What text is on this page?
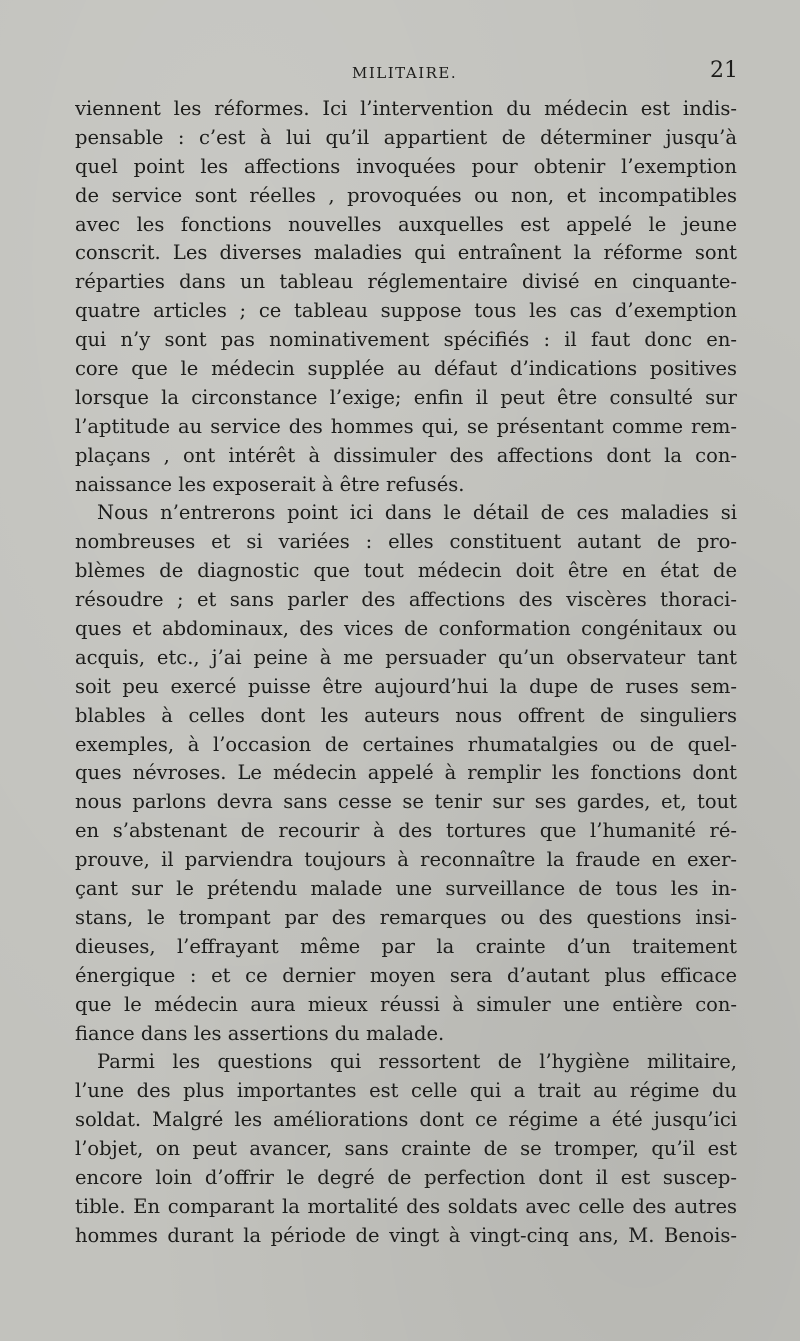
MILITAIRE.	21
viennent les réformes. Ici l’intervention du médecin est indis-
pensable : c’est à lui qu’il appartient de déterminer jusqu’à
quel point les affections invoquées pour obtenir l’exemption
de service sont réelles , provoquées ou non, et incompatibles
avec les fonctions nouvelles auxquelles est appelé le jeune
conscrit. Les diverses maladies qui entraînent la réforme sont
réparties dans un tableau réglementaire divisé en cinquante-
quatre articles ; ce tableau suppose tous les cas d’exemption
qui n’y sont pas nominativement spécifiés : il faut donc en-
core que le médecin supplée au défaut d’indications positives
lorsque la circonstance l’exige; enfin il peut être consulté sur
l’aptitude au service des hommes qui, se présentant comme rem-
plaçans , ont intérêt à dissimuler des affections dont la con-
naissance les exposerait à être refusés.
Nous n’entrerons point ici dans le détail de ces maladies si
nombreuses et si variées : elles constituent autant de pro-
blèmes de diagnostic que tout médecin doit être en état de
résoudre ; et sans parler des affections des viscères thoraci-
ques et abdominaux, des vices de conformation congénitaux ou
acquis, etc., j’ai peine à me persuader qu’un observateur tant
soit peu exercé puisse être aujourd’hui la dupe de ruses sem-
blables à celles dont les auteurs nous offrent de singuliers
exemples, à l’occasion de certaines rhumatalgies ou de quel-
ques névroses. Le médecin appelé à remplir les fonctions dont
nous parlons devra sans cesse se tenir sur ses gardes, et, tout
en s’abstenant de recourir à des tortures que l’humanité ré-
prouve, il parviendra toujours à reconnaître la fraude en exer-
çant sur le prétendu malade une surveillance de tous les in-
stans, le trompant par des remarques ou des questions insi-
dieuses, l’effrayant même par la crainte d’un traitement
énergique : et ce dernier moyen sera d’autant plus efficace
que le médecin aura mieux réussi à simuler une entière con-
fiance dans les assertions du malade.
Parmi les questions qui ressortent de l’hygiène militaire,
l’une des plus importantes est celle qui a trait au régime du
soldat. Malgré les améliorations dont ce régime a été jusqu’ici
l’objet, on peut avancer, sans crainte de se tromper, qu’il est
encore loin d’offrir le degré de perfection dont il est suscep-
tible. En comparant la mortalité des soldats avec celle des autres
hommes durant la période de vingt à vingt-cinq ans, M. Benois-
